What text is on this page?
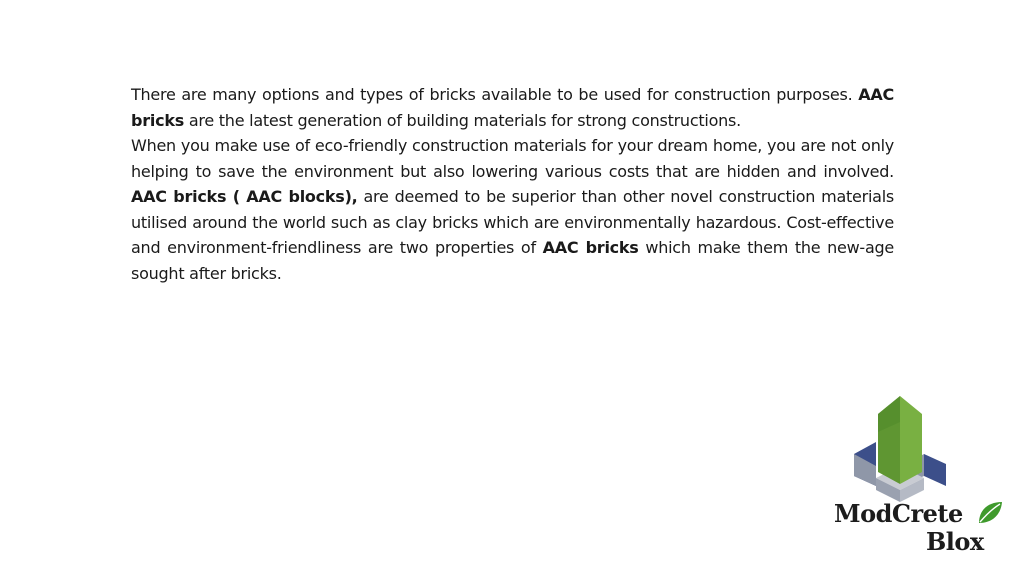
There are many options and types of bricks available to be used for construction purposes. AAC bricks are the latest generation of building materials for strong constructions.

When you make use of eco-friendly construction materials for your dream home, you are not only helping to save the environment but also lowering various costs that are hidden and involved. AAC bricks ( AAC blocks), are deemed to be superior than other novel construction materials utilised around the world such as clay bricks which are environmentally hazardous. Cost-effective and environment-friendliness are two properties of AAC bricks which make them the new-age sought after bricks.

ModCrete
Blox
